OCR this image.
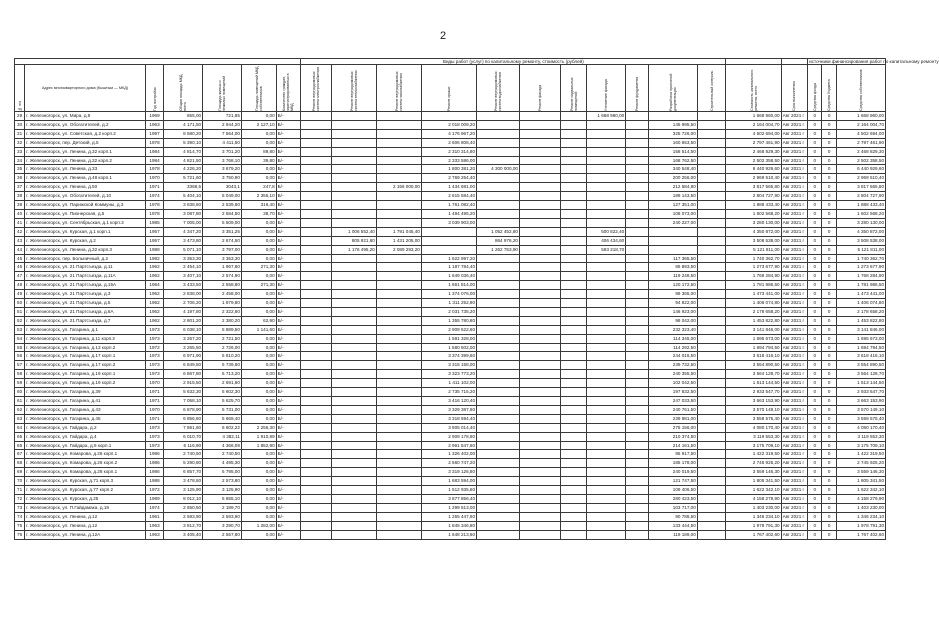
2
							Виды работ (услуг) по капитальному ремонту, стоимость (рублей)													источники финансирования работ по капитальному ремонту		

№ п/п	Адрес многоквартирного дома (Кыштым — МКД)	Год постройки	Общая площадь МКД, всего	Площадь жилых и нежилых помещений	Площадь помещений МКД собственников	Количество граждан, зарегистрированных в МКД	Ремонт внутридомовых систем электроснабжения	Ремонт внутридомовых систем теплоснабжения	Ремонт внутридомовых систем газоснабжения	Ремонт крыши	Ремонт внутридомовых систем водоснабжения	Ремонт фасада	Ремонт подвальных помещений	Утепление фасада	Ремонт фундамента	Разработка проектной документации	Строительный контроль	Стоимость капитального ремонта, всего	Срок выполнения	Средства фонда	Средства бюджета	Средства собственников

29	г. Железногорск, ул. Мира, д.9	1969	855,00	721,85	0,00	Б/-								1 668 960,00				1 668 960,00	Авг 2021 г	0	0	1 668 960,00
30	г. Железногорск, ул. Обогатителей, д.2	1963	4 171,50	2 944,20	2 127,10	Б/-				2 018 009,20						145 995,50		2 164 004,70	Авг 2021 г	0	0	2 164 004,70
31	г. Железногорск, ул. Советская, д.2 корп.2	1997	8 580,20	7 564,00	0,00	Б/-				4 176 967,20						325 726,00		4 502 694,00	Авг 2021 г	0	0	4 502 694,00
32	г. Железногорск, пер. Детский, д.5	1978	5 390,10	4 411,50	0,00	Б/-				2 606 808,40						160 653,50		2 797 461,90	Авг 2021 г	0	0	2 797 461,90
33	г. Железногорск, ул. Ленина, д.32 корп.1	1984	4 814,70	3 701,20	89,80	Б/-				2 310 314,80						158 514,50		2 468 829,30	Авг 2021 г	0	0	2 468 829,30
34	г. Железногорск, ул. Ленина, д.32 корп.2	1984	4 821,50	3 768,10	39,80	Б/-				2 333 586,00						168 762,50		2 502 358,50	Авг 2021 г	0	0	2 502 358,50
35	г. Железногорск, ул. Ленина, д.33	1978	4 226,20	3 679,20	0,00	Б/-				1 800 381,20	4 300 000,00					340 548,40		6 440 929,60	Авг 2021 г	0	0	6 440 929,60
36	г. Железногорск, ул. Ленина, д.48 корп.1	1970	5 721,60	3 750,90	0,00	Б/-				2 769 254,40						200 256,00		2 969 510,40	Авг 2021 г	0	0	2 969 510,40
37	г. Железногорск, ул. Ленина, д.50	1971	3368,5	3043,1	247,8	Б/-			2 156 000,00	1 434 681,00						212 584,80		3 817 565,80	Авг 2021 г	0	0	3 817 565,80
38	г. Железногорск, ул. Обогатителей, д.10	1974	5 404,10	5 049,00	2 355,10	Б/-				2 615 584,40						189 143,50		2 804 727,90	Авг 2021 г	0	0	2 804 727,90
39	г. Железногорск, ул. Парижской Коммуны, д.3	1978	3 638,60	2 539,60	316,40	Б/-				1 761 082,40						127 351,00		1 888 433,40	Авг 2021 г	0	0	1 888 433,40
40	г. Железногорск, ул. Пионерская, д.5	1978	3 087,80	2 584,50	38,70	Б/-				1 494 495,20						108 073,00		1 602 568,20	Авг 2021 г	0	0	1 602 568,20
41	г. Железногорск, ул. Сентябрьская, д.1 корп.3	1985	7 005,00	5 509,00	0,00	Б/-				3 039 903,00						240 227,00		3 280 130,00	Авг 2021 г	0	0	3 280 130,00
42	г. Железногорск, ул. Курская, д.1 корп.1	1957	4 347,20	3 351,25	0,00	Б/-		1 006 552,40	1 791 045,40		1 052 452,80			500 822,40				4 350 872,00	Авг 2021 г	0	0	4 350 872,00
43	г. Железногорск, ул. Курская, д.2	1957	3 473,80	2 674,50	0,00	Б/-		805 921,60	1 431 205,00		864 976,20			406 434,60				3 508 538,00	Авг 2021 г	0	0	3 508 538,00
44	г. Железногорск, ул. Ленина, д.32 корп.3	1988	5 071,10	3 797,00	0,00	Б/-		1 176 495,20	2 089 293,20		1 262 753,90			593 318,70				5 121 811,00	Авг 2021 г	0	0	5 121 811,00
45	г. Железногорск, пер. Больничный, д.2	1982	3 353,30	3 353,30	0,00	Б/-				1 622 997,20						117 365,50		1 740 362,70	Авг 2021 г	0	0	1 740 362,70
46	г. Железногорск, ул. 21 Партсъезда, д.11	1962	2 454,10	1 967,80	271,30	Б/-				1 187 784,40						85 893,50		1 273 677,90	Авг 2021 г	0	0	1 273 677,90
47	г. Железногорск, ул. 21 Партсъезда, д.11А	1962	3 407,10	2 574,90	0,00	Б/-				1 649 036,40						119 248,50		1 768 284,90	Авг 2021 г	0	0	1 768 284,90
48	г. Железногорск, ул. 21 Партсъезда, д.15А	1964	3 433,50	2 558,80	271,30	Б/-				1 661 814,00						120 172,50		1 781 986,50	Авг 2021 г	0	0	1 781 986,50
49	г. Железногорск, ул. 21 Партсъезда, д.3	1962	2 838,00	2 458,00	0,00	Б/-				1 374 076,00						99 365,00		1 473 441,00	Авг 2021 г	0	0	1 473 441,00
50	г. Железногорск, ул. 21 Партсъезда, д.5	1962	2 706,20	1 979,80	0,00	Б/-				1 311 252,80						94 822,00		1 406 074,80	Авг 2021 г	0	0	1 406 074,80
51	г. Железногорск, ул. 21 Партсъезда, д.6А	1962	4 197,80	2 322,60	0,00	Б/-				2 031 735,20						146 923,00		2 178 658,20	Авг 2021 г	0	0	2 178 658,20
52	г. Железногорск, ул. 21 Партсъезда, д.7	1962	2 801,20	2 380,20	62,90	Б/-				1 355 780,80						98 042,00		1 453 822,80	Авг 2021 г	0	0	1 453 822,80
53	г. Железногорск, ул. Гагарина, д.1	1973	6 038,10	5 889,50	1 141,60	Б/-				2 909 522,60						232 323,40		3 141 846,00	Авг 2021 г	0	0	3 141 846,00
54	г. Железногорск, ул. Гагарина, д.11 корп.2	1973	3 267,20	2 721,50	0,00	Б/-				1 581 328,00						114 345,00		1 695 673,00	Авг 2021 г	0	0	1 695 673,00
55	г. Железногорск, ул. Гагарина, д.13 корп.2	1972	3 265,50	2 726,00	0,00	Б/-				1 580 502,00						114 292,50		1 694 794,50	Авг 2021 г	0	0	1 694 794,50
56	г. Железногорск, ул. Гагарина, д.17 корп.1	1973	6 971,90	5 810,20	0,00	Б/-				3 374 399,60						244 016,50		3 618 416,10	Авг 2021 г	0	0	3 618 416,10
57	г. Железногорск, ул. Гагарина, д.17 корп.2	1973	6 849,50	5 739,60	0,00	Б/-				3 315 158,00						239 732,50		3 554 890,50	Авг 2021 г	0	0	3 554 890,50
58	г. Железногорск, ул. Гагарина, д.19 корп.1	1973	6 867,80	5 713,20	0,00	Б/-				3 323 773,20						240 355,50		3 564 128,70	Авг 2021 г	0	0	3 564 128,70
59	г. Железногорск, ул. Гагарина, д.19 корп.2	1970	2 915,50	2 691,60	0,00	Б/-				1 411 102,00						102 042,50		1 513 144,50	Авг 2021 г	0	0	1 513 144,50
60	г. Железногорск, ул. Гагарина, д.39	1971	5 632,30	5 602,30	0,00	Б/-				2 735 715,20						197 832,50		2 933 547,70	Авг 2021 г	0	0	2 933 547,70
61	г. Железногорск, ул. Гагарина, д.41	1971	7 058,10	5 625,70	0,00	Б/-				3 416 120,40						247 033,50		3 663 153,90	Авг 2021 г	0	0	3 663 153,90
62	г. Железногорск, ул. Гагарина, д.43	1970	6 878,90	5 731,00	0,00	Б/-				3 329 387,60						240 761,50		3 570 149,10	Авг 2021 г	0	0	3 570 149,10
63	г. Железногорск, ул. Гагарина, д.45	1971	6 856,60	5 669,40	0,00	Б/-				3 318 594,40						239 981,00		3 558 575,40	Авг 2021 г	0	0	3 558 575,40
64	г. Железногорск, ул. Гайдара, д.2	1973	7 861,60	6 602,22	2 256,30	Б/-				3 805 014,40						275 156,00		4 080 170,40	Авг 2021 г	0	0	4 080 170,40
65	г. Железногорск, ул. Гайдара, д.4	1973	6 010,70	4 382,11	1 910,89	Б/-				2 909 178,80						210 374,50		3 119 553,30	Авг 2021 г	0	0	3 119 553,30
66	г. Железногорск, ул. Гайдара, д.6 корп.1	1973	6 116,90	4 366,09	1 852,90	Б/-				2 961 547,60						214 161,50		3 175 709,10	Авг 2021 г	0	0	3 175 709,10
67	г. Железногорск, ул. Комарова, д.26 корп.1	1986	2 740,50	2 740,50	0,00	Б/-				1 326 402,00						95 917,50		1 422 319,50	Авг 2021 г	0	0	1 422 319,50
68	г. Железногорск, ул. Комарова, д.26 корп.2	1986	5 290,80	4 495,30	0,00	Б/-				2 560 747,20						185 178,00		2 745 925,20	Авг 2021 г	0	0	2 745 925,20
69	г. Железногорск, ул. Комарова, д.28 корп.1	1986	6 857,70	5 795,00	0,00	Б/-				3 319 126,80						240 019,50		3 559 146,30	Авг 2021 г	0	0	3 559 146,30
70	г. Железногорск, ул. Курская, д.71 корп.3	1988	3 478,50	2 573,80	0,00	Б/-				1 683 594,00						121 747,50		1 805 341,50	Авг 2021 г	0	0	1 805 341,50
71	г. Железногорск, ул. Курская, д.77 корп.2	1972	3 125,90	3 125,90	0,00	Б/-				1 512 935,60						109 406,50		1 622 342,10	Авг 2021 г	0	0	1 622 342,10
72	г. Железногорск, ул. Курская, д.25	1989	8 012,10	6 855,10	0,00	Б/-				3 877 856,40						280 423,50		4 158 279,90	Авг 2021 г	0	0	4 158 279,90
73	г. Железногорск, ул. П.Гайдамака, д.19	1974	2 650,50	2 189,70	0,00	Б/-				1 299 513,00						103 717,00		1 403 230,00	Авг 2021 г	0	0	1 403 230,00
74	г. Железногорск, ул. Ленина, д.12	1961	2 593,90	2 593,90	0,00	Б/-				1 255 447,60						90 786,50		1 346 234,10	Авг 2021 г	0	0	1 346 234,10
75	г. Железногорск, ул. Ленина, д.12	1963	3 812,70	3 290,70	1 282,00	Б/-				1 845 346,80						133 444,50		1 978 791,30	Авг 2021 г	0	0	1 978 791,30
76	г. Железногорск, ул. Ленина, д.12А	1963	3 405,40	2 557,80	0,00	Б/-				1 648 213,60						119 189,00		1 767 402,60	Авг 2021 г	0	0	1 767 402,60
